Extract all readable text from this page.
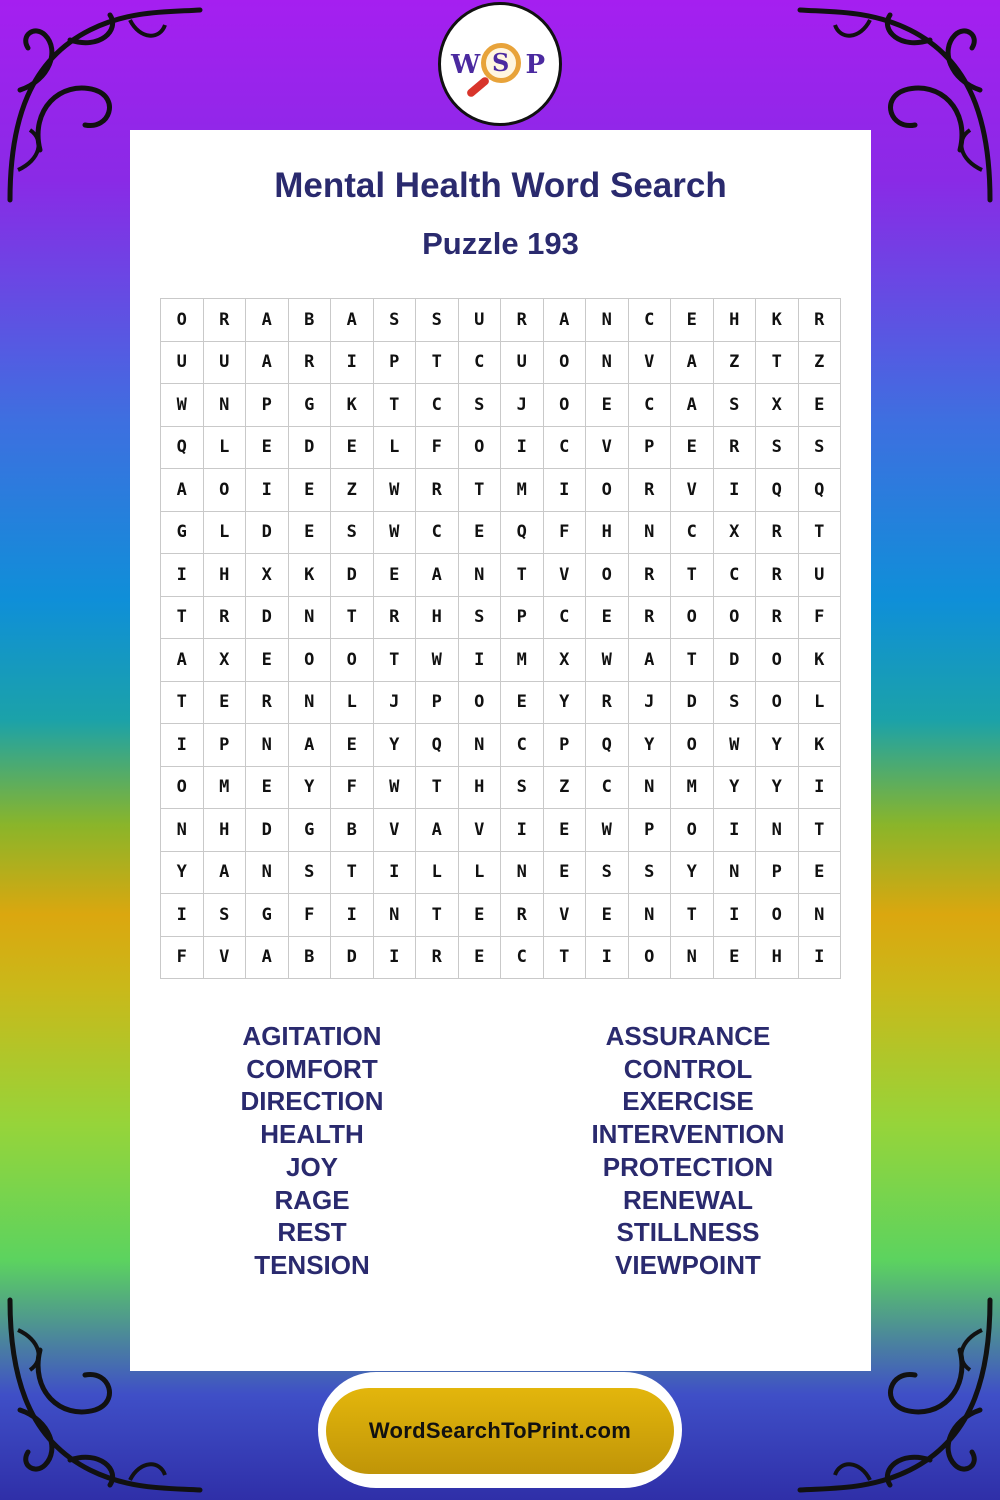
Mental Health Word Search
Puzzle 193
O	R	A	B	A	S	S	U	R	A	N	C	E	H	K	R
U	U	A	R	I	P	T	C	U	O	N	V	A	Z	T	Z
W	N	P	G	K	T	C	S	J	O	E	C	A	S	X	E
Q	L	E	D	E	L	F	O	I	C	V	P	E	R	S	S
A	O	I	E	Z	W	R	T	M	I	O	R	V	I	Q	Q
G	L	D	E	S	W	C	E	Q	F	H	N	C	X	R	T
I	H	X	K	D	E	A	N	T	V	O	R	T	C	R	U
T	R	D	N	T	R	H	S	P	C	E	R	O	O	R	F
A	X	E	O	O	T	W	I	M	X	W	A	T	D	O	K
T	E	R	N	L	J	P	O	E	Y	R	J	D	S	O	L
I	P	N	A	E	Y	Q	N	C	P	Q	Y	O	W	Y	K
O	M	E	Y	F	W	T	H	S	Z	C	N	M	Y	Y	I
N	H	D	G	B	V	A	V	I	E	W	P	O	I	N	T
Y	A	N	S	T	I	L	L	N	E	S	S	Y	N	P	E
I	S	G	F	I	N	T	E	R	V	E	N	T	I	O	N
F	V	A	B	D	I	R	E	C	T	I	O	N	E	H	I
AGITATION
COMFORT
DIRECTION
HEALTH
JOY
RAGE
REST
TENSION
ASSURANCE
CONTROL
EXERCISE
INTERVENTION
PROTECTION
RENEWAL
STILLNESS
VIEWPOINT
W S P
WordSearchToPrint.com
